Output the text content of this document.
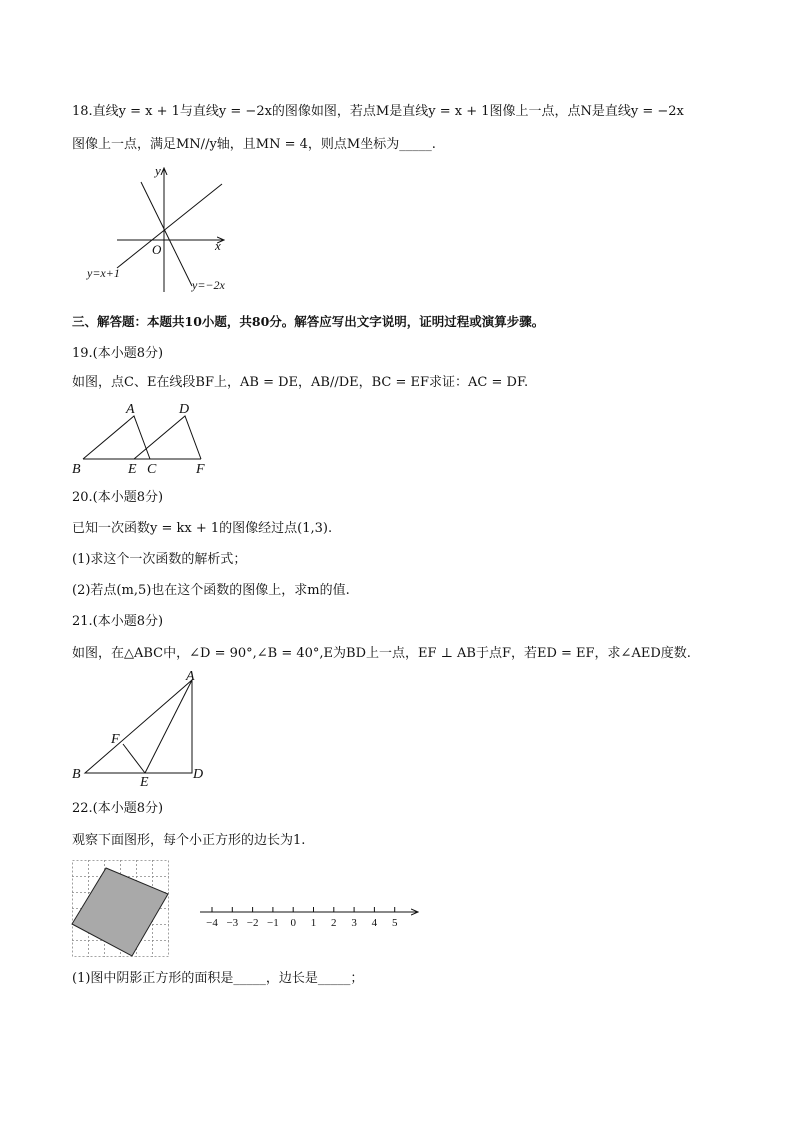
18.直线y = x + 1与直线y = −2x的图像如图，若点M是直线y = x + 1图像上一点，点N是直线y = −2x
图像上一点，满足MN//y轴，且MN = 4，则点M坐标为_____.
y
x
O
y=x+1
y=−2x
三、解答题：本题共10小题，共80分。解答应写出文字说明，证明过程或演算步骤。
19.(本小题8分)
如图，点C、E在线段BF上，AB = DE，AB//DE，BC = EF求证：AC = DF.
A	D
B	E C	F
20.(本小题8分)
已知一次函数y = kx + 1的图像经过点(1,3).
(1)求这个一次函数的解析式；
(2)若点(m,5)也在这个函数的图像上，求m的值.
21.(本小题8分)
如图，在△ABC中，∠D = 90°,∠B = 40°,E为BD上一点，EF ⊥ AB于点F，若ED = EF，求∠AED度数.
A
F
B
E
D
22.(本小题8分)
观察下面图形，每个小正方形的边长为1.
−4 −3 −2 −1 0 1 2 3 4 5
(1)图中阴影正方形的面积是_____，边长是_____；
